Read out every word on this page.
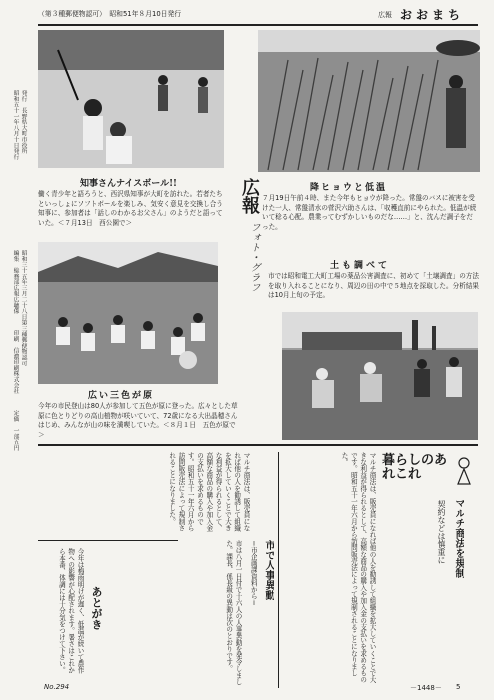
（第３種郵便物認可）　昭和51年８月10日発行	広報 おおまち
昭和五十一年八月十日発行 発行　長野県大町市役所
編集　総務部広報広聴係 昭和三十五年三月二十八日第三種郵便物認可
印刷　信濃印刷株式会社
定価　一部五円
知事さんナイスボール!!
働く青少年と語ろうと、西沢県知事が大町を訪れた。若者たちといっしょにソフトボールを楽しみ、気安く意見を交換し合う知事に、参加者は「話しのわかるお父さん」のようだと語っていた。＜７月13日　西公園で＞
降ヒョウと低温
７月19日午前４時、また今年もヒョウが降った。常盤のバスに被害を受けた一人、常盤清水の菅沢六助さんは、「収穫直前にやられた。低温が続いて稔る心配。農業ってむずかしいものだな……」と、沈んだ調子をだった。
広報
フォト・グラフ
広い三色が原
今年の市民登山は80人が参加して五色が原に登った。広々とした草原に色とりどりの高山植物が咲いていて、72歳になる大出晶穂さんはじめ、みんなが山の味を満喫していた。＜８月１日　五色が原で＞
土も調べて
市では昭和電工大町工場の薬品公害調査に、初めて「土壌調査」の方法を取り入れることになり、周辺の田の中で５地点を採取した。分析結果は10月上旬の予定。
暮らしのあれこれ
マルチ商法を規制
契約などは慎重に
マルチ商法は、販売員になれば他の人を勧誘して組織を拡大していくことで大きな利益が得られるとして、高額な商品の購入や加入金の支払いを求めるものです。昭和五十一年六月から訪問販売法によって規制されることになりました。
市で人事異動
＝市企画課資料から＝
市は八月一日付で十六人の人事異動を発令しました。課長、係長級の異動は次のとおりです。
マルチ商法は、販売員になれば他の人を勧誘して組織を拡大していくことで大きな利益が得られるとして、高額な商品の購入や加入金の支払いを求めるものです。昭和五十一年六月から訪問販売法によって規制されることになりました。
あとがき
今年は梅雨明けが遅く、低温が続いて農作物への影響が心配されます。暑さはこれから本番、体調には十分気をつけて下さい。
No.294	－1448－ 5
